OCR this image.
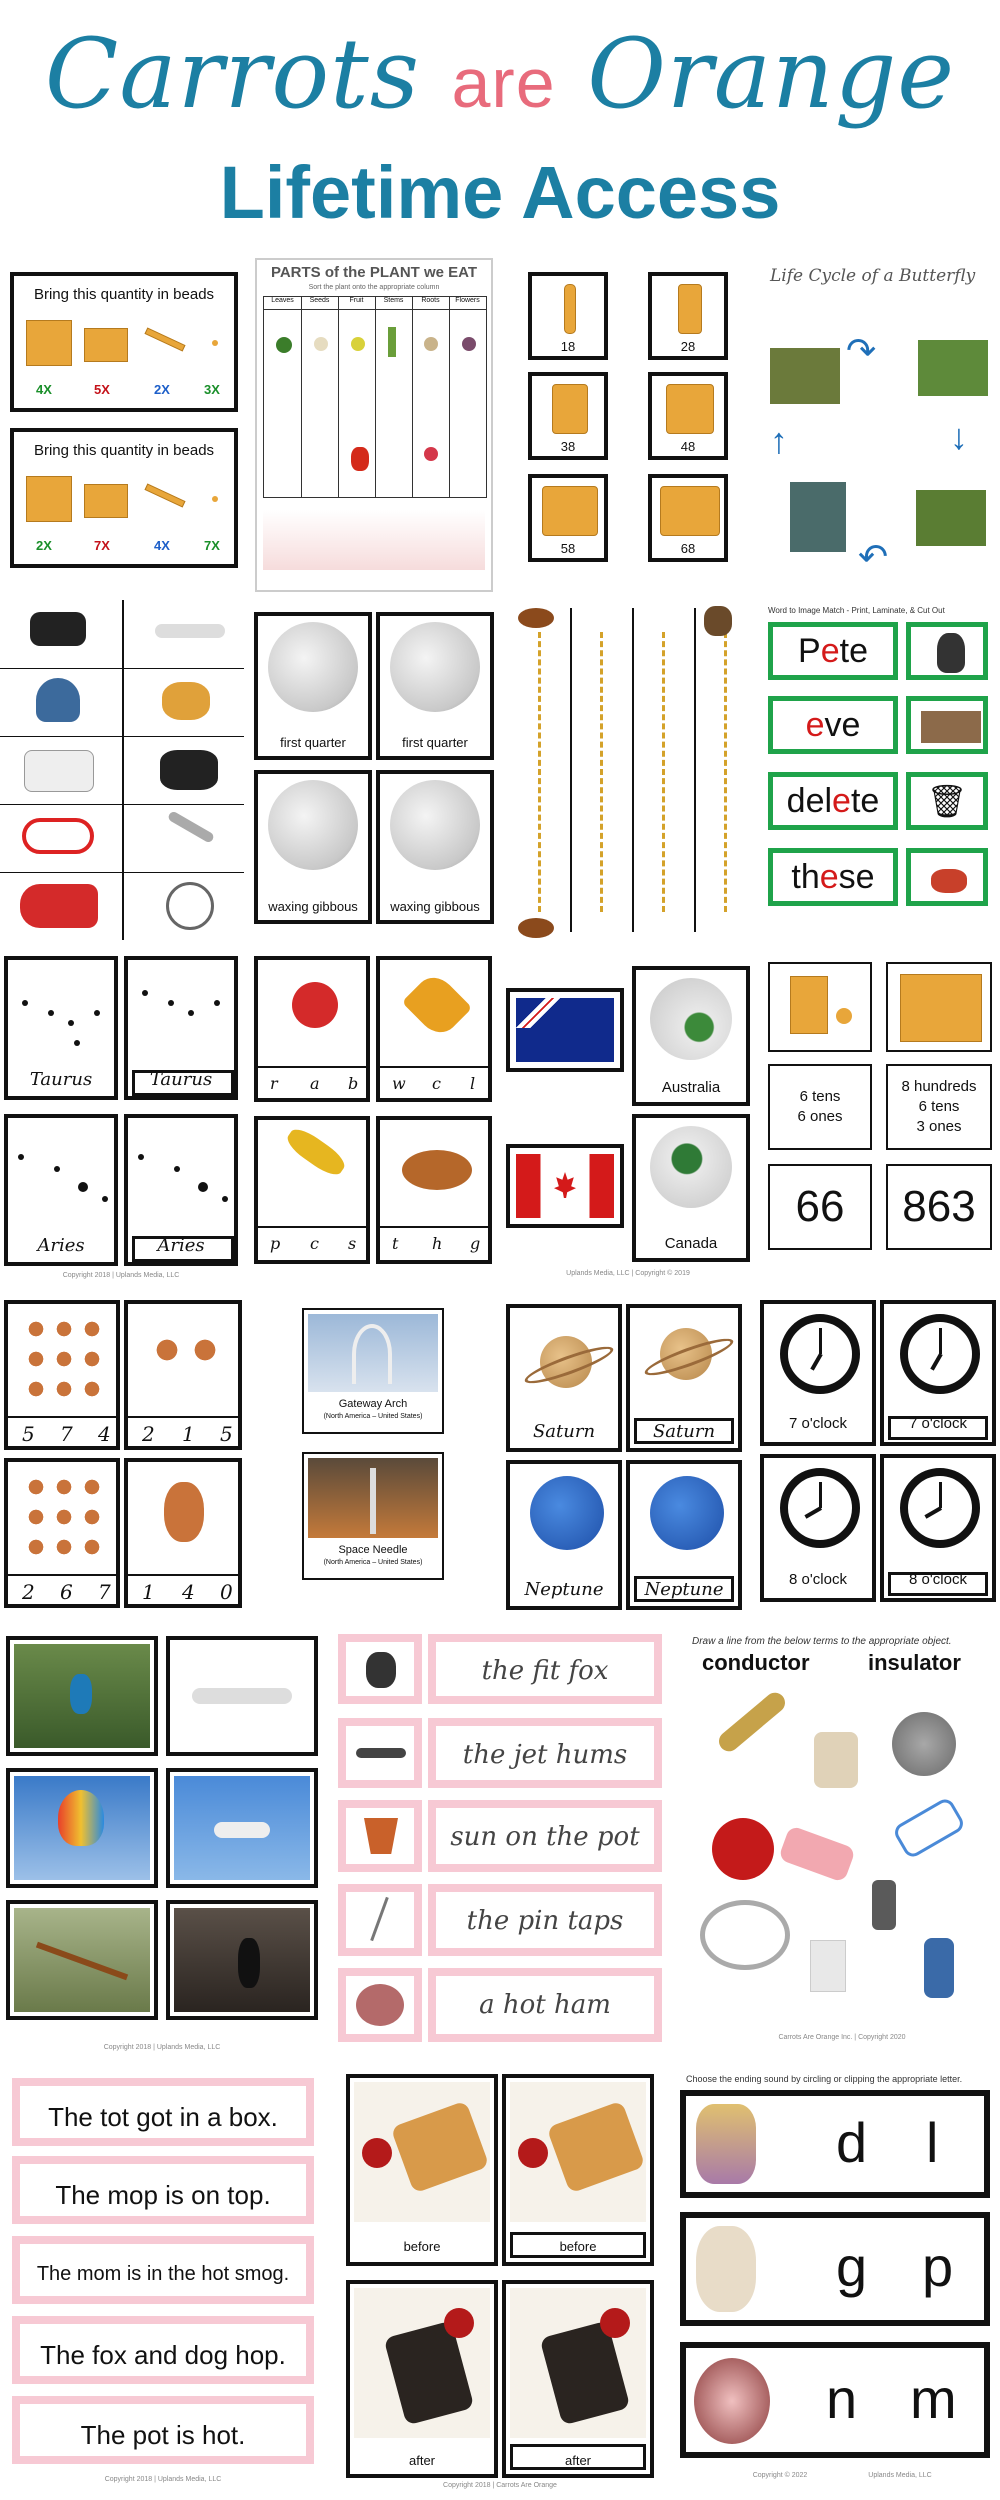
Carrots are Orange
Lifetime Access
Bring this quantity in beads
4X	5X	2X	3X
Bring this quantity in beads
2X	7X	4X	7X
PARTS of the PLANT we EAT
Sort the plant onto the appropriate column
Leaves	Seeds	Fruit	Stems	Roots	Flowers
18	28
38	48
58	68
Life Cycle of a Butterfly
↷
↓
↶
↑
first quarter	first quarter
waxing gibbous	waxing gibbous
Word to Image Match - Print, Laminate, & Cut Out
Pete
eve
delete	🗑
these
Taurus	Taurus
Aries	Aries
Copyright 2018 | Uplands Media, LLC
r a b w c l
p c s t h g
Australia
Canada
Uplands Media, LLC | Copyright © 2019
6 tens
6 ones
8 hundreds
6 tens
3 ones
66	863
5 7 4 2 1 5
2 6 7 1 4 0
Gateway Arch
(North America – United States)
Space Needle
(North America – United States)
Saturn	Saturn
Neptune	Neptune
7 o'clock	7 o'clock
8 o'clock	8 o'clock
Copyright 2018 | Uplands Media, LLC
the fit fox
the jet hums
sun on the pot
the pin taps
a hot ham
Draw a line from the below terms to the appropriate object.
conductor	insulator
Carrots Are Orange Inc. | Copyright 2020
The tot got in a box.
The mop is on top.
The mom is in the hot smog.
The fox and dog hop.
The pot is hot.
Copyright 2018 | Uplands Media, LLC
before	before
after	after
Copyright 2018 | Carrots Are Orange
Choose the ending sound by circling or clipping the appropriate letter.
d l
g p
n m
Copyright © 2022	Uplands Media, LLC
